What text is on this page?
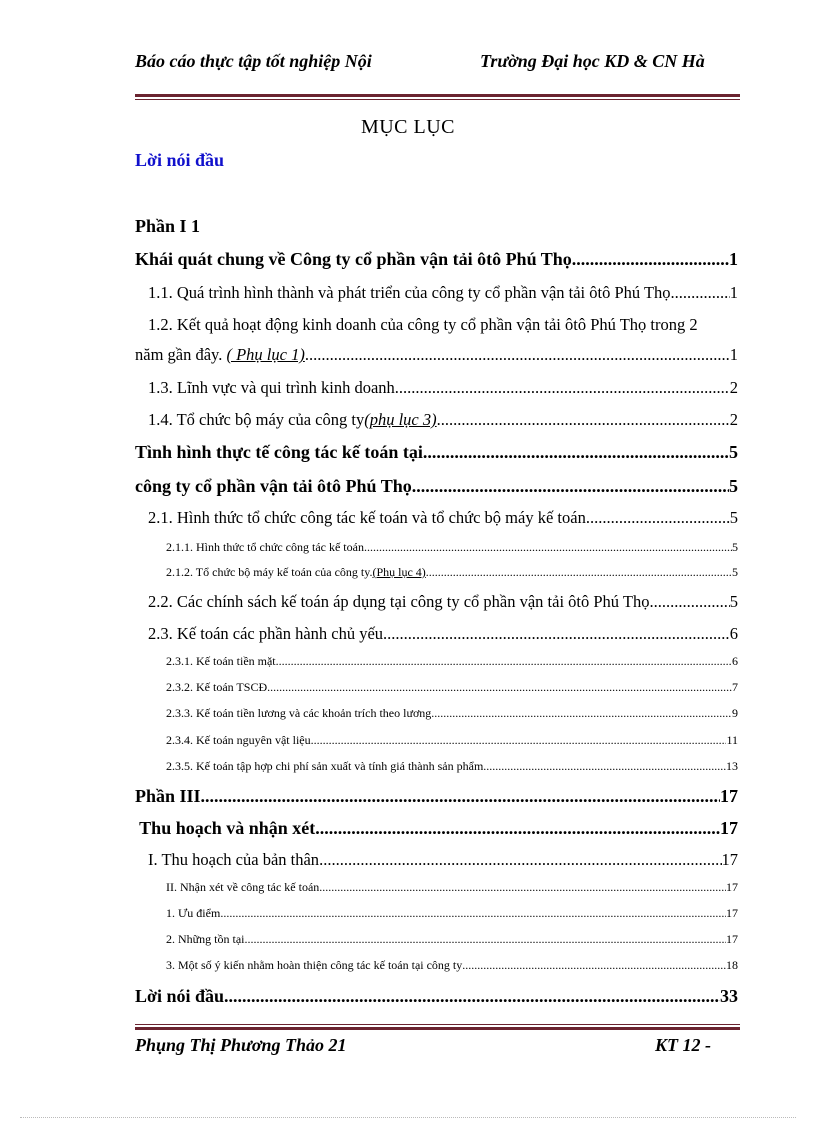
Báo cáo thực tập tốt nghiệp Nội	Trường Đại học KD & CN Hà
MỤC LỤC
Lời nói đầu
Phần I 1
Khái quát chung về Công ty cổ phần vận tải ôtô Phú Thọ .....	1
1.1. Quá trình hình thành và phát triển của công ty cổ phần vận tải ôtô Phú Thọ. .....	1
1.2. Kết quả hoạt động kinh doanh của công ty cổ phần vận tải ôtô Phú Thọ trong 2
năm gần đây. ( Phụ lục 1) .....	1
1.3. Lĩnh vực và qui trình kinh doanh .....	2
1.4. Tổ chức bộ máy của công ty(phụ lục 3) .....	2
Tình hình thực tế công tác kế toán tại .....	5
công ty cổ phần vận tải ôtô Phú Thọ .....	5
2.1. Hình thức tổ chức công tác kế toán và tổ chức bộ máy kế toán. .....	5
2.1.1. Hình thức tổ chức công tác kế toán .....	5
2.1.2. Tổ chức bộ máy kế toán của công ty.(Phụ lục 4) .....	5
2.2. Các chính sách kế toán áp dụng tại công ty cổ phần vận tải ôtô Phú Thọ. .....	5
2.3. Kế toán các phần hành chủ yếu. .....	6
2.3.1. Kế toán tiền mặt .....	6
2.3.2. Kế toán TSCĐ .....	7
2.3.3. Kế toán tiền lương và các khoản trích theo lương. .....	9
2.3.4. Kế toán nguyên vật liệu .....	11
2.3.5. Kế toán tập hợp chi phí sản xuất và tính giá thành sản phẩm .....	13
Phần III .....	17
Thu hoạch và nhận xét .....	17
I. Thu hoạch của bản thân .....	17
II. Nhận xét về công tác kế toán .....	17
1. Ưu điểm .....	17
2. Những tồn tại .....	17
3. Một số ý kiến nhằm hoàn thiện công tác kế toán tại công ty .....	18
Lời nói đầu .....	33
Phụng Thị Phương Thảo 21	KT 12 -
